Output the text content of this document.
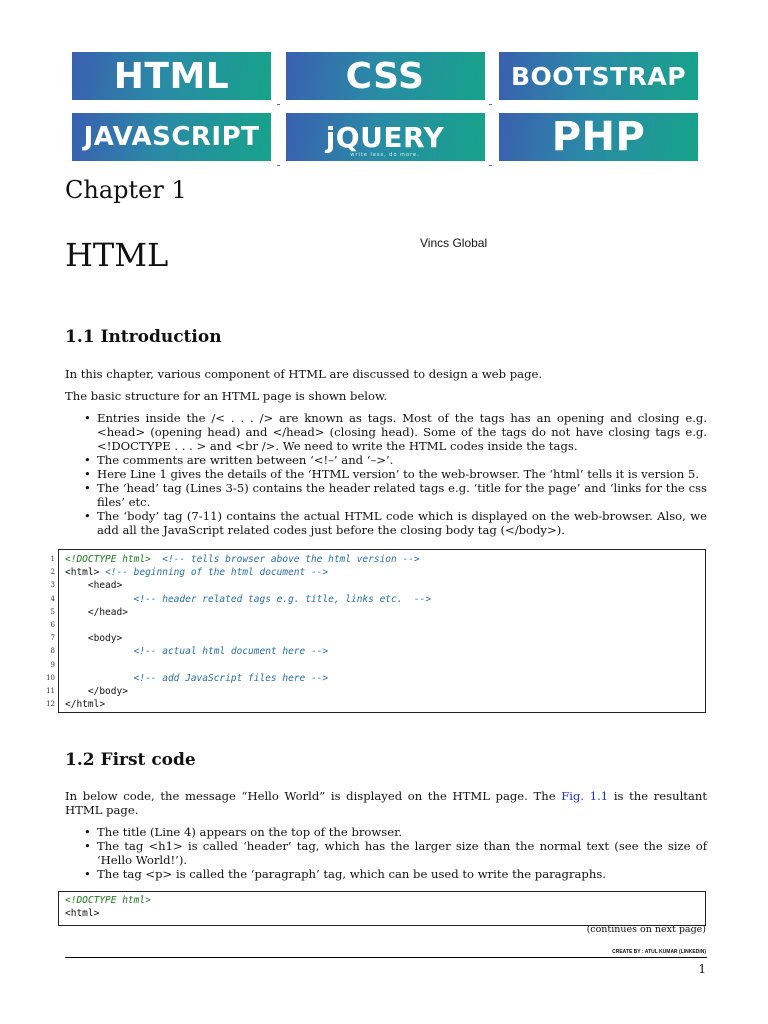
HTML	CSS	BOOTSTRAP
JAVASCRIPT jQUERY
write less, do more.	PHP
Chapter 1
HTML	Vincs Global
1.1 Introduction
In this chapter, various component of HTML are discussed to design a web page.
The basic structure for an HTML page is shown below.
• Entries inside the /< . . . /> are known as tags. Most of the tags has an opening and closing e.g. <head> (opening head) and </head> (closing head). Some of the tags do not have closing tags e.g. <!DOCTYPE . . . > and <br />. We need to write the HTML codes inside the tags.
• The comments are written between ‘<!–’ and ‘–>’.
• Here Line 1 gives the details of the ‘HTML version’ to the web-browser. The ‘html’ tells it is version 5.
• The ‘head’ tag (Lines 3-5) contains the header related tags e.g. ‘title for the page’ and ‘links for the css files’ etc.
• The ‘body’ tag (7-11) contains the actual HTML code which is displayed on the web-browser. Also, we add all the JavaScript related codes just before the closing body tag (</body>).
1 <!DOCTYPE html> <!-- tells browser above the html version -->
2 <html> <!-- beginning of the html document -->
3 <head>
4	<!-- header related tags e.g. title, links etc.  -->
5 </head>
6
7 <body>
8	<!-- actual html document here -->
9
10	<!-- add JavaScript files here -->
11 </body>
12 </html>
1.2 First code
In below code, the message “Hello World” is displayed on the HTML page. The Fig. 1.1 is the resultant HTML page.
• The title (Line 4) appears on the top of the browser.
• The tag <h1> is called ‘header’ tag, which has the larger size than the normal text (see the size of ‘Hello World!’).
• The tag <p> is called the ‘paragraph’ tag, which can be used to write the paragraphs.
<!DOCTYPE html>
<html>
(continues on next page)
CREATE BY : ATUL KUMAR (LINKEDIN)
1
